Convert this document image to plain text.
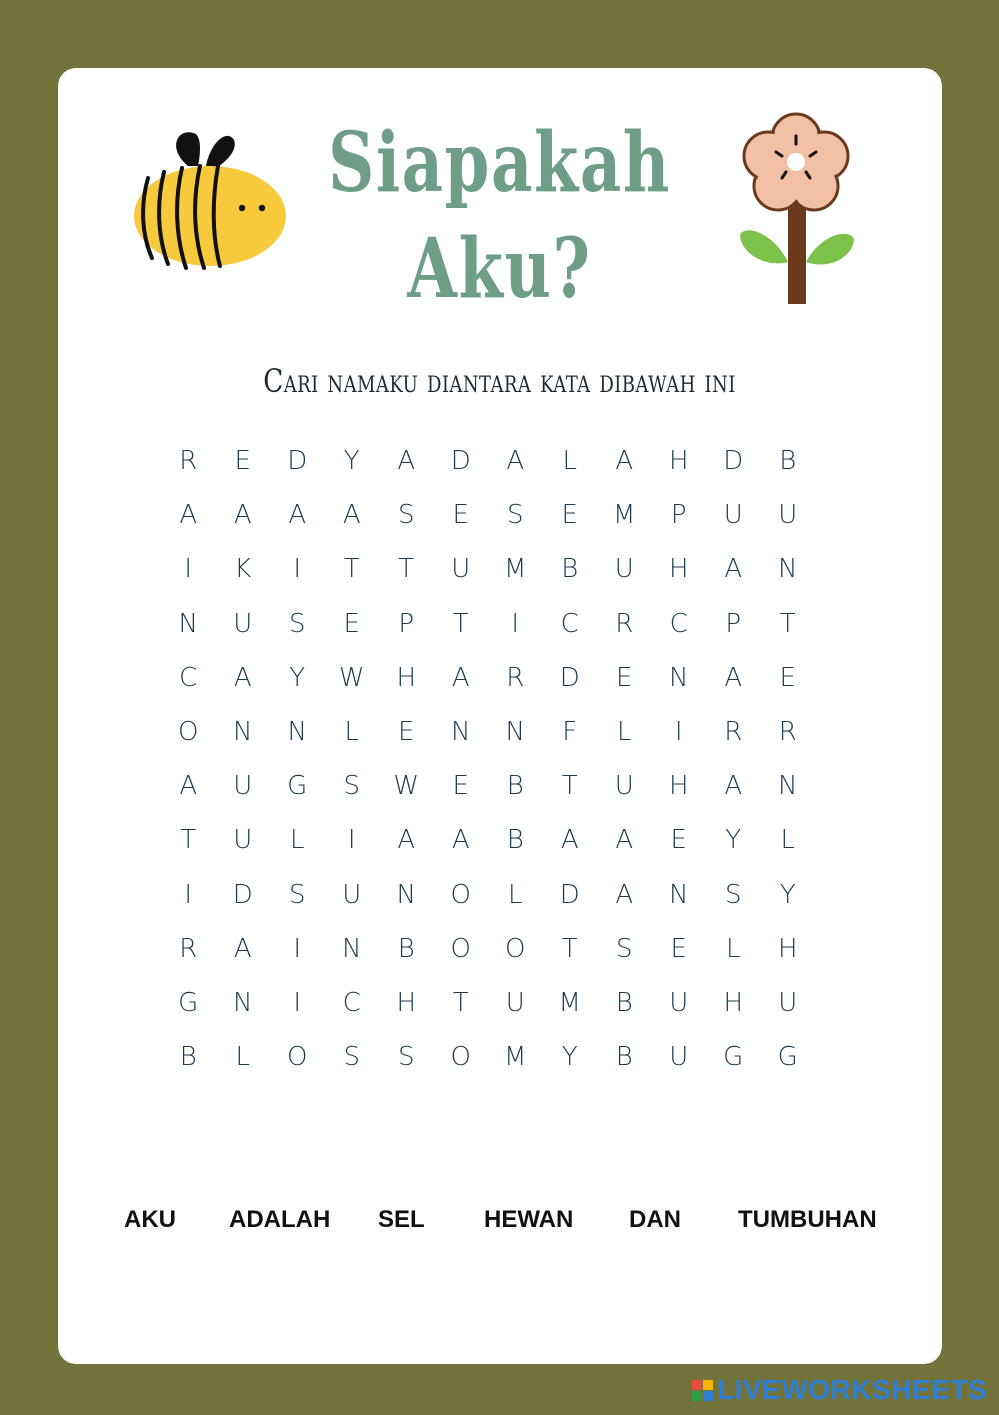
Siapakah
Aku?
Cari namaku diantara kata dibawah ini
R	E	D	Y	A	D	A	L	A	H	D	B
A	A	A	A	S	E	S	E	M	P	U	U
I	K	I	T	T	U	M	B	U	H	A	N
N	U	S	E	P	T	I	C	R	C	P	T
C	A	Y	W	H	A	R	D	E	N	A	E
O	N	N	L	E	N	N	F	L	I	R	R
A	U	G	S	W	E	B	T	U	H	A	N
T	U	L	I	A	A	B	A	A	E	Y	L
I	D	S	U	N	O	L	D	A	N	S	Y
R	A	I	N	B	O	O	T	S	E	L	H
G	N	I	C	H	T	U	M	B	U	H	U
B	L	O	S	S	O	M	Y	B	U	G	G
AKU ADALAH SEL HEWAN DAN TUMBUHAN
LIVEWORKSHEETS
